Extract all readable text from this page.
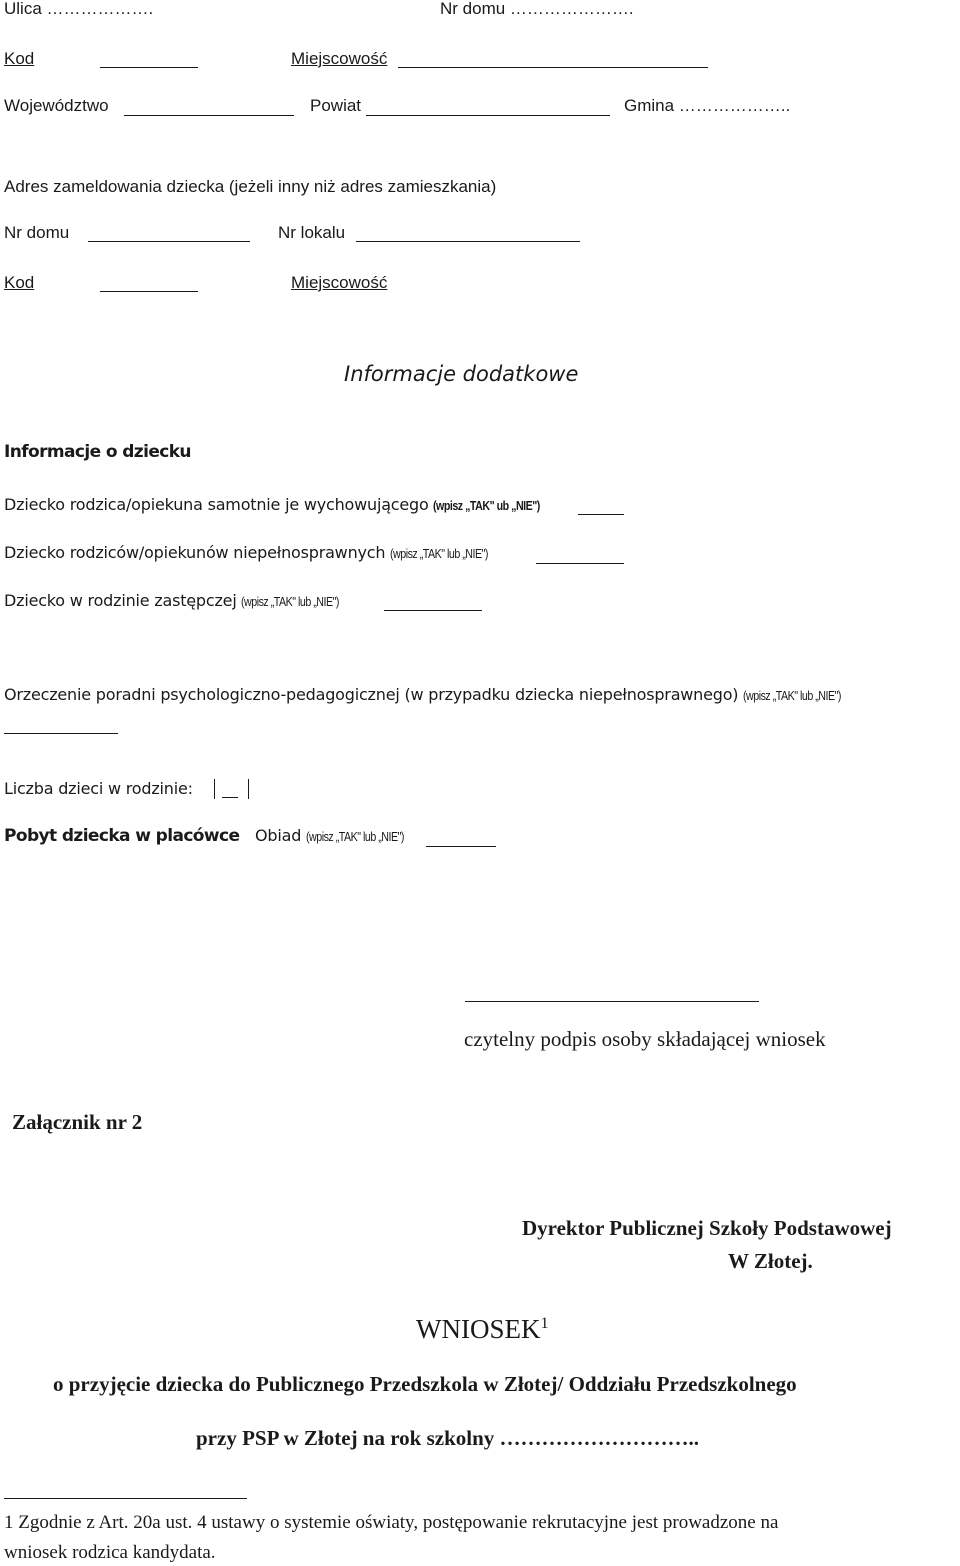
Ulica ……………….	Nr domu ………………….
Kod	Miejscowość
Województwo	Powiat	Gmina ………………..
Adres zameldowania dziecka (jeżeli inny niż adres zamieszkania)
Nr domu	Nr lokalu
Kod	Miejscowość
Informacje dodatkowe
Informacje o dziecku
Dziecko rodzica/opiekuna samotnie je wychowującego (wpisz „TAK" ub „NIE")
Dziecko rodziców/opiekunów niepełnosprawnych (wpisz „TAK" lub „NIE")
Dziecko w rodzinie zastępczej (wpisz „TAK" lub „NIE")
Orzeczenie poradni psychologiczno-pedagogicznej (w przypadku dziecka niepełnosprawnego) (wpisz „TAK" lub „NIE")
Liczba dzieci w rodzinie:
Pobyt dziecka w placówce Obiad (wpisz „TAK" lub „NIE")
czytelny podpis osoby składającej wniosek
Załącznik nr 2
Dyrektor Publicznej Szkoły Podstawowej
W Złotej.
WNIOSEK$^1$
o przyjęcie dziecka do Publicznego Przedszkola w Złotej/ Oddziału Przedszkolnego
przy PSP w Złotej na rok szkolny ………………………..
1 Zgodnie z Art. 20a ust. 4 ustawy o systemie oświaty, postępowanie rekrutacyjne jest prowadzone na
wniosek rodzica kandydata.
